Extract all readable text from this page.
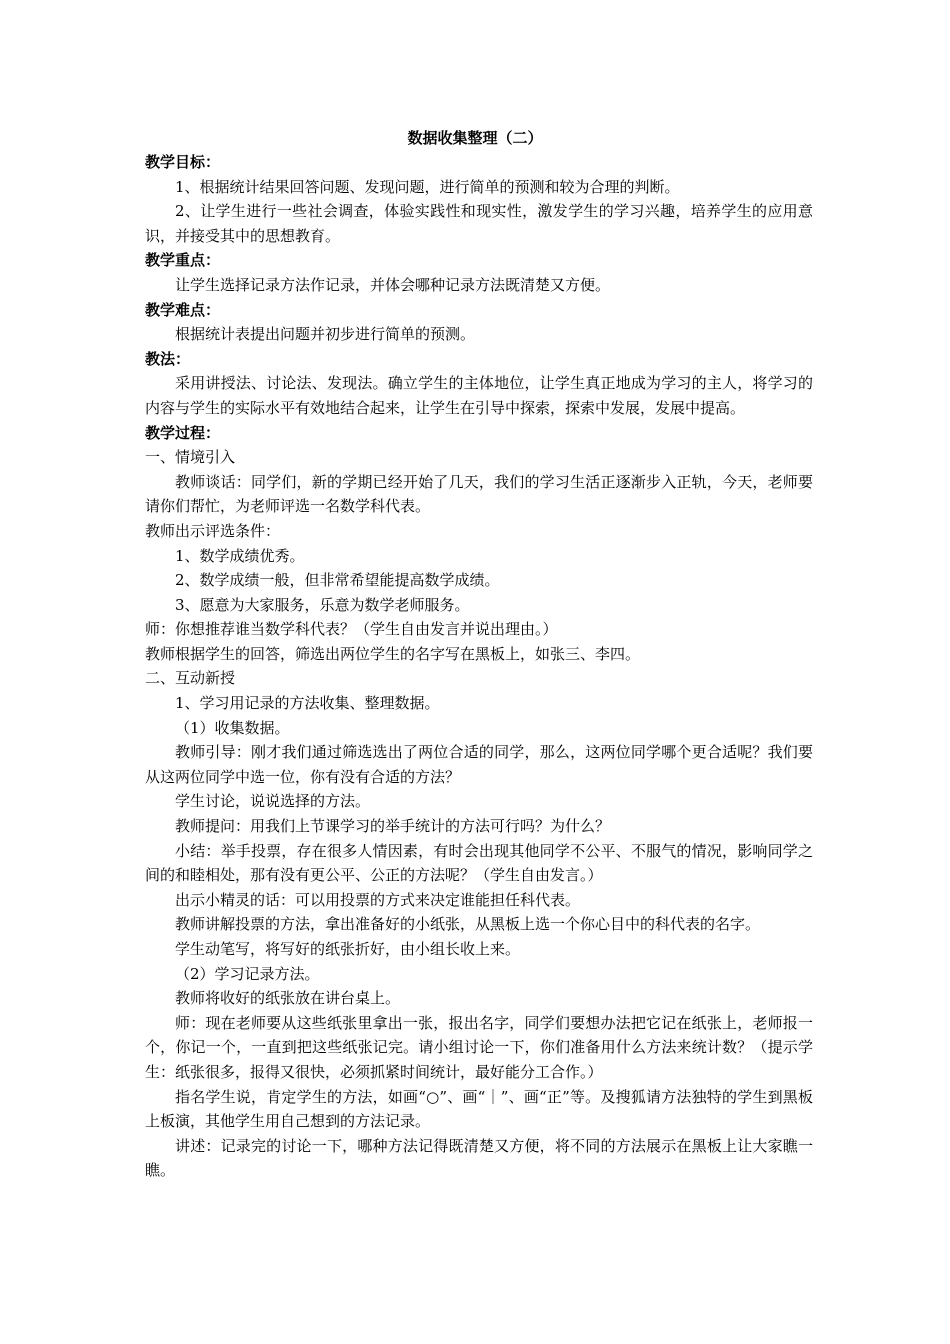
数据收集整理（二）

教学目标：

1、根据统计结果回答问题、发现问题，进行简单的预测和较为合理的判断。

2、让学生进行一些社会调查，体验实践性和现实性，激发学生的学习兴趣，培养学生的应用意识，并接受其中的思想教育。

教学重点：

让学生选择记录方法作记录，并体会哪种记录方法既清楚又方便。

教学难点：

根据统计表提出问题并初步进行简单的预测。

教法：

采用讲授法、讨论法、发现法。确立学生的主体地位，让学生真正地成为学习的主人，将学习的内容与学生的实际水平有效地结合起来，让学生在引导中探索，探索中发展，发展中提高。

教学过程：

一、情境引入

教师谈话：同学们，新的学期已经开始了几天，我们的学习生活正逐渐步入正轨，今天，老师要请你们帮忙，为老师评选一名数学科代表。

教师出示评选条件：

1、数学成绩优秀。

2、数学成绩一般，但非常希望能提高数学成绩。

3、愿意为大家服务，乐意为数学老师服务。

师：你想推荐谁当数学科代表？（学生自由发言并说出理由。）

教师根据学生的回答，筛选出两位学生的名字写在黑板上，如张三、李四。

二、互动新授

1、学习用记录的方法收集、整理数据。

（1）收集数据。

教师引导：刚才我们通过筛选选出了两位合适的同学，那么，这两位同学哪个更合适呢？我们要从这两位同学中选一位，你有没有合适的方法？

学生讨论，说说选择的方法。

教师提问：用我们上节课学习的举手统计的方法可行吗？为什么？

小结：举手投票，存在很多人情因素，有时会出现其他同学不公平、不服气的情况，影响同学之间的和睦相处，那有没有更公平、公正的方法呢？（学生自由发言。）

出示小精灵的话：可以用投票的方式来决定谁能担任科代表。

教师讲解投票的方法，拿出准备好的小纸张，从黑板上选一个你心目中的科代表的名字。

学生动笔写，将写好的纸张折好，由小组长收上来。

（2）学习记录方法。

教师将收好的纸张放在讲台桌上。

师：现在老师要从这些纸张里拿出一张，报出名字，同学们要想办法把它记在纸张上，老师报一个，你记一个，一直到把这些纸张记完。请小组讨论一下，你们准备用什么方法来统计数？（提示学生：纸张很多，报得又很快，必须抓紧时间统计，最好能分工合作。）

指名学生说，肯定学生的方法，如画“○”、画“｜”、画“正”等。及搜狐请方法独特的学生到黑板上板演，其他学生用自己想到的方法记录。

讲述：记录完的讨论一下，哪种方法记得既清楚又方便，将不同的方法展示在黑板上让大家瞧一瞧。
